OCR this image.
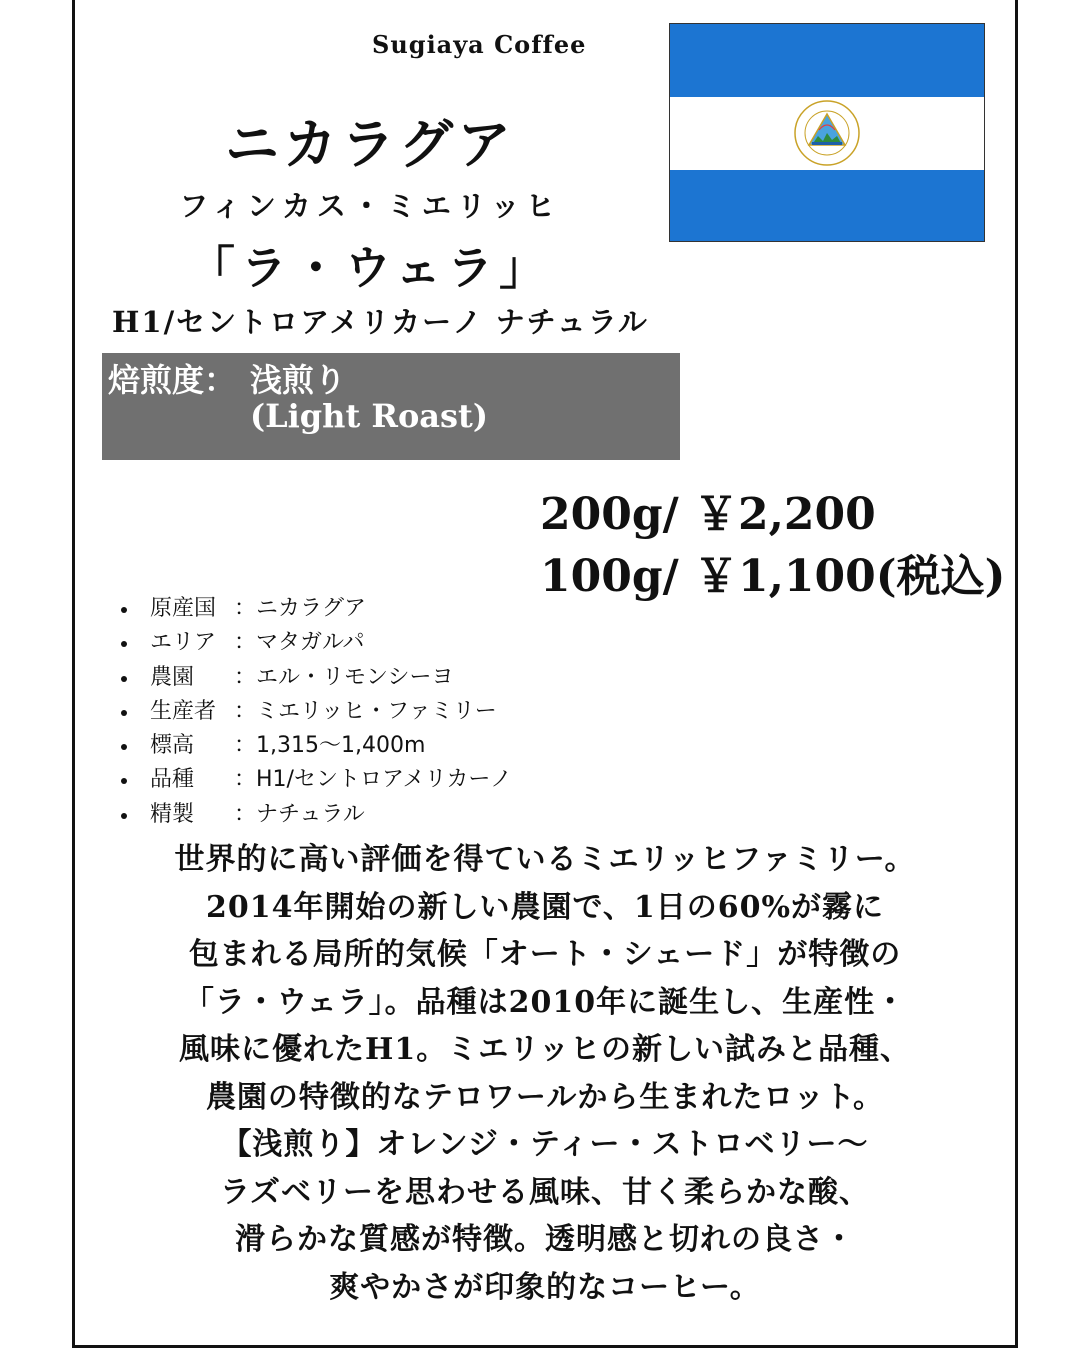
Sugiaya Coffee
ニカラグア
フィンカス・ミエリッヒ
「ラ・ウェラ」
H1/セントロアメリカーノ ナチュラル
焙煎度： 浅煎り
(Light Roast)
200g/ ￥2,200
100g/ ￥1,100(税込)
原産国 ：ニカラグア
エリア ：マタガルパ
農園 ：エル・リモンシーヨ
生産者 ：ミエリッヒ・ファミリー
標高 ：1,315〜1,400m
品種 ：H1/セントロアメリカーノ
精製 ：ナチュラル

世界的に高い評価を得ているミエリッヒファミリー。
2014年開始の新しい農園で、1日の60%が霧に
包まれる局所的気候「オート・シェード」が特徴の
「ラ・ウェラ」。品種は2010年に誕生し、生産性・
風味に優れたH1。ミエリッヒの新しい試みと品種、
農園の特徴的なテロワールから生まれたロット。
【浅煎り】オレンジ・ティー・ストロベリー〜
ラズベリーを思わせる風味、甘く柔らかな酸、
滑らかな質感が特徴。透明感と切れの良さ・
爽やかさが印象的なコーヒー。
